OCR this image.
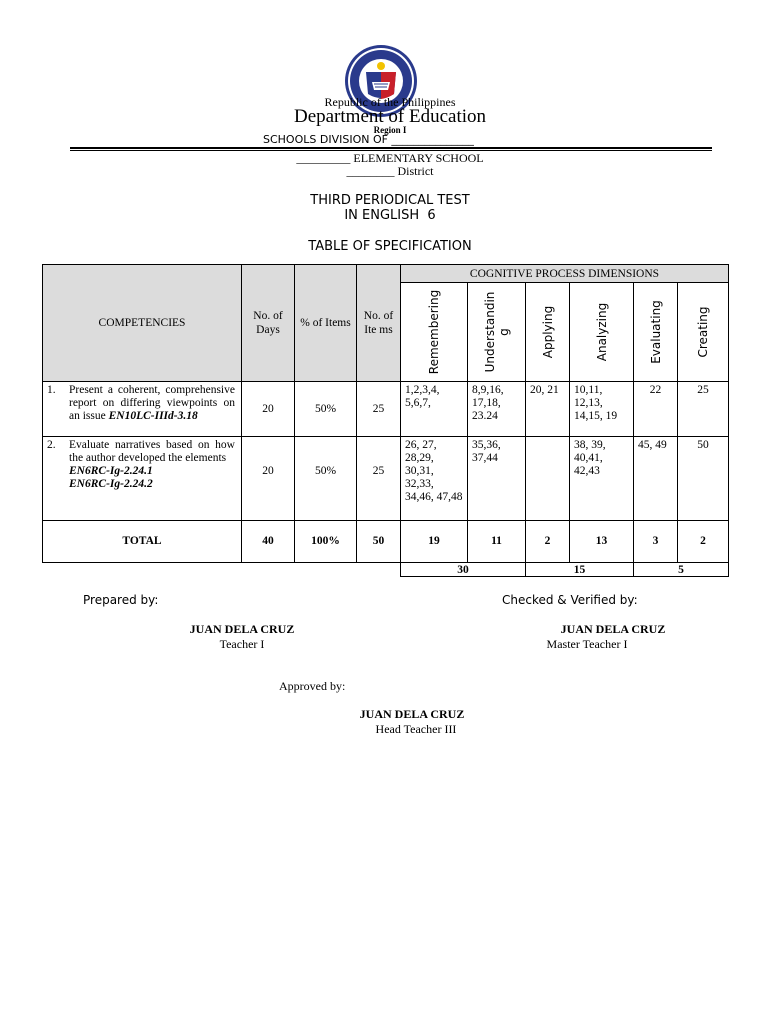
Republic of the Philippines
Department of Education
Region I
SCHOOLS DIVISION OF _______________
_________ ELEMENTARY SCHOOL
________ District
THIRD PERIODICAL TEST
IN ENGLISH  6
TABLE OF SPECIFICATION
COMPETENCIES	No. of Days	% of Items	No. of Ite ms	COGNITIVE PROCESS DIMENSIONS					

				Remembering	Understandin g	Applying	Analyzing	Evaluating	Creating

1. Present a coherent, comprehensive report on differing viewpoints on an issue EN10LC-IIId-3.18	20	50%	25	1,2,3,4, 5,6,7,	8,9,16, 17,18, 23.24	20, 21	10,11, 12,13, 14,15, 19	22	25

2. Evaluate narratives based on how the author developed the elements
EN6RC-Ig-2.24.1
EN6RC-Ig-2.24.2	20	50%	25	26, 27, 28,29, 30,31, 32,33, 34,46, 47,48	35,36, 37,44		38, 39, 40,41, 42,43	45, 49	50
TOTAL	40	100%	50	19	11	2	13	3	2
				30		15		5	
Prepared by:	Checked & Verified by:
JUAN DELA CRUZ
Teacher I
JUAN DELA CRUZ
Master Teacher I
Approved by:
JUAN DELA CRUZ
Head Teacher III
